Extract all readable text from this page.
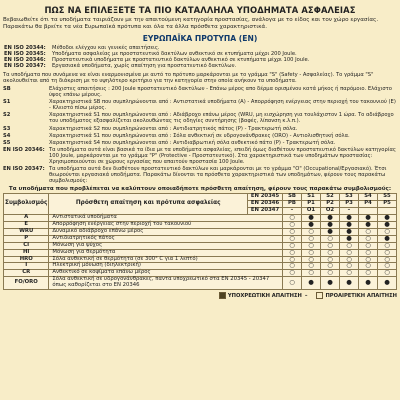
ΠΩΣ ΝΑ ΕΠΙΛΕΞΕΤΕ ΤΑ ΠΙΟ ΚΑΤΑΛΛΗΛΑ ΥΠΟΔΗΜΑΤΑ ΑΣΦΑΛΕΙΑΣ
Βεβαιωθείτε ότι τα υποδήματα ταιριάζουν με την απαιτούμενη κατηγορία προστασίας, ανάλογα με το είδος και τον χώρο εργασίας. Παρακάτω θα βρείτε τα νέα Ευρωπαϊκά πρότυπα και όλα τα άλλα πρόσθετα χαρακτηριστικά.
ΕΥΡΩΠΑΪΚΑ ΠΡΟΤΥΠΑ (EN)
EN ISO 20344:	Μέθοδοι ελέγχου και γενικές απαιτήσεις.
EN ISO 20345:	Υποδήματα ασφαλείας με προστατευτικό δακτύλων ανθεκτικό σε κτυπήματα μέχρι 200 Joule.
EN ISO 20346:	Προστατευτικά υποδήματα με προστατευτικό δακτύλων ανθεκτικό σε κτυπήματα μέχρι 100 Joule.
EN ISO 20347:	Εργασιακά υποδήματα, χωρίς απαίτηση για προστατευτικό δακτύλων.
Τα υποδήματα που συνάμενα να είναι εναρμονισμένα με αυτό το πρότυπο μαρκάρονται με το γράμμα "S" (Safety - Ασφαλείας). Το γράμμα "S" ακολουθείται από τη διάκριση με το υψηλότερο κριτήριο για την κατηγορία στην οποία ανήκουν τα υποδήματα.
SB	Ελάχιστες απαιτήσεις : 200 Joule προστατευτικό δακτύλων - Επάνω μέρος απο δέρμα ορισμένου κατά μήκος ή παρόμοιο. Ελάχιστο ύψος επάνω μέρους.
S1	Χαρακτηριστικά SB που συμπληρώνονται από : Αντιστατικά υποδήματα (A) - Απορρόφηση ενέργειας στην περιοχή του τακουνιού (E) - Κλειστό πίσω μέρος.
S2	Χαρακτηριστικά S1 που συμπληρώνονται από : Αδιάβροχο επάνω μέρος (WRU, μη εισχώρηση για τουλάχιστον 1 ώρα. Το αδιάβροχο του υποδήματος εξασφαλίζεται ακολουθώντας τις οδηγίες συντήρησης (βαφές, λίπανση κ.λ.π.).
S3	Χαρακτηριστικά S2 που συμπληρώνονται από : Αντιδιατρητικός πάτος (P) - Τρακτερωτή σόλα.
S4	Χαρακτηριστικά S1 που συμπληρώνονται από : Σόλα ανθεκτική σε υδρογονάνθρακες (ORO) - Αντιολισθητική σόλα.
S5	Χαρακτηριστικά S4 που συμπληρώνονται από : Αντιδιαβρωτική σόλα ανθεκτικό πάτο (P) - Τρακτερωτή σόλα.
EN ISO 20346: Τα υποδήματα αυτά είναι βασικά τα ίδια με τα υποδήματα ασφαλείας, επειδή όμως διαθέτουν προστατευτικό δακτύλων κατηγορίας 100 Joule, μαρκάρονται με το γράμμα "P" (Protective - Προστατευτικό). Στα χαρακτηριστικά των υποδημάτων προστασίας: Χρησιμοποιούνται σε χώρους εργασίας που απαιτούν προστασία 100 Joule.
EN ISO 20347: Τα υποδήματα αυτά δεν διαθέτουν προστατευτικό δακτύλων και μαρκάρονται με το γράμμα "O" (Occupational/Εργασιακό). Έτσι θεωρούνται εργασιακά υποδήματα. Παρακάτω δίνονται τα πρόσθετα χαρακτηριστικά των υποδημάτων, φέρουν τους παρακάτω συμβολισμούς:
Τα υποδήματα που προβλέπεται να καλύπτουν οποιαδήποτε πρόσθετη απαίτηση, φέρουν τους παρακάτω συμβολισμούς:
Συμβολισμός	Πρόσθετη απαίτηση και πρότυπα ασφαλείας	EN 20345	SB	S1	S2	S3	S4	S5
		EN 20346	PB	P1	P2	P3	P4	P5
		EN 20347	–	O1	O2	–		
A	Αντιστατικά υποδήματα		○	●	●	●	●	●
E	Απορρόφηση ενέργειας στην περιοχή του τακουνιού		○	●	●	●	●	●
WRU	Δυναμικό αδιάβροχο επάνω μέρος		○	○	●	●	○	○
P	Αντιδιατρητικός πάτος		○	○	○	●	○	●
CI	Μόνωση για ψύχος		○	○	○	○	○	○
HI	Μόνωση για θερμότητα		○	○	○	○	○	○
HRO	Σόλα ανθεκτική σε θερμότητα (σε 300° C για 1 λεπτό)		○	○	○	○	○	○
I	Ηλεκτρική μόνωση (διηλεκτρική)		○	○	○	○	○	○
CR	Ανθεκτικό σε κοψίματα επάνω μέρος		○	○	○	○	○	○
FO/ORO	Σόλα ανθεκτική σε υδρογονάνθρακες, παντα υποχρεωτικό στα EN 20345 - 20347 όπως καθορίζεται στο EN 20346		○	●	●	●	●	●
ΥΠΟΧΡΕΩΤΙΚΗ ΑΠΑΙΤΗΣΗ –	ΠΡΟΑΙΡΕΤΙΚΗ ΑΠΑΙΤΗΣΗ
